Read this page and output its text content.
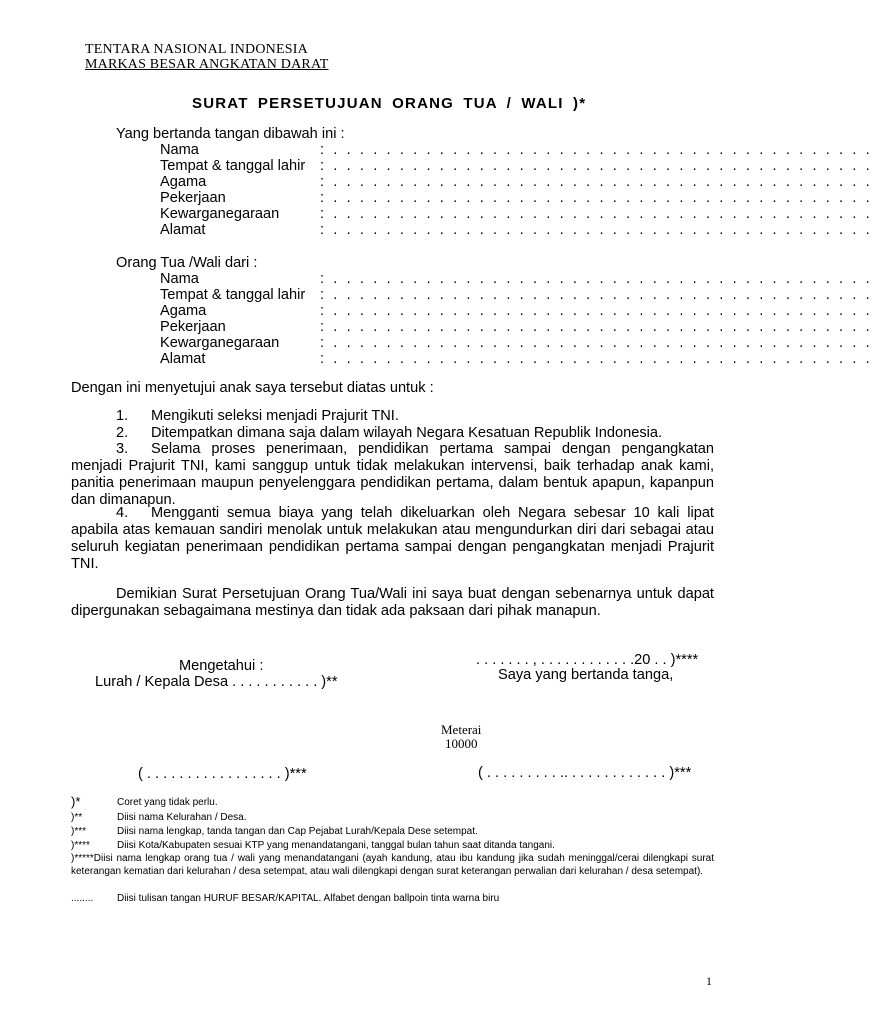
TENTARA NASIONAL INDONESIA
MARKAS BESAR ANGKATAN DARAT
SURAT PERSETUJUAN ORANG TUA / WALI )*
Yang bertanda tangan dibawah ini :
Nama	: . . . . . . . . . . . . . . . . . . . . . . . . . . . . . . . . . . . . . . . . .
Tempat & tanggal lahir : . . . . . . . . . . . . . . . . . . . . . . . . . . . . . . . . . . . . . . . . .
Agama	: . . . . . . . . . . . . . . . . . . . . . . . . . . . . . . . . . . . . . . . . .
Pekerjaan	: . . . . . . . . . . . . . . . . . . . . . . . . . . . . . . . . . . . . . . . . .
Kewarganegaraan	: . . . . . . . . . . . . . . . . . . . . . . . . . . . . . . . . . . . . . . . . .
Alamat	: . . . . . . . . . . . . . . . . . . . . . . . . . . . . . . . . . . . . . . . . .
Orang Tua /Wali dari :
Nama	: . . . . . . . . . . . . . . . . . . . . . . . . . . . . . . . . . . . . . . . . .
Tempat & tanggal lahir : . . . . . . . . . . . . . . . . . . . . . . . . . . . . . . . . . . . . . . . . .
Agama	: . . . . . . . . . . . . . . . . . . . . . . . . . . . . . . . . . . . . . . . . .
Pekerjaan	: . . . . . . . . . . . . . . . . . . . . . . . . . . . . . . . . . . . . . . . . .
Kewarganegaraan	: . . . . . . . . . . . . . . . . . . . . . . . . . . . . . . . . . . . . . . . . .
Alamat	: . . . . . . . . . . . . . . . . . . . . . . . . . . . . . . . . . . . . . . . . .
Dengan ini menyetujui anak saya tersebut diatas untuk :
1. Mengikuti seleksi menjadi Prajurit TNI.
2. Ditempatkan dimana saja dalam wilayah Negara Kesatuan Republik Indonesia.
3. Selama proses penerimaan, pendidikan pertama sampai dengan pengangkatan menjadi Prajurit TNI, kami sanggup untuk tidak melakukan intervensi, baik terhadap anak kami, panitia penerimaan maupun penyelenggara pendidikan pertama, dalam bentuk apapun, kapanpun dan dimanapun.
4. Mengganti semua biaya yang telah dikeluarkan oleh Negara sebesar 10 kali lipat apabila atas kemauan sandiri menolak untuk melakukan atau mengundurkan diri dari sebagai atau seluruh kegiatan penerimaan pendidikan pertama sampai dengan pengangkatan menjadi Prajurit TNI.
Demikian Surat Persetujuan Orang Tua/Wali ini saya buat dengan sebenarnya untuk dapat dipergunakan sebagaimana mestinya dan tidak ada paksaan dari pihak manapun.
Mengetahui :
Lurah / Kepala Desa . . . . . . . . . . . )**
. . . . . . . , . . . . . . . . . . . .20 . . )****
Saya yang bertanda tanga,
Meterai
10000
( . . . . . . . . . . . . . . . . . )***	( . . . . . . . . . .. . . . . . . . . . . . . )***
)*	Coret yang tidak perlu.
)**	Diisi nama Kelurahan / Desa.
)***	Diisi nama lengkap, tanda tangan dan Cap Pejabat Lurah/Kepala Dese setempat.
)****	Diisi Kota/Kabupaten sesuai KTP yang menandatangani, tanggal bulan tahun saat ditanda tangani.
)*****Diisi nama lengkap orang tua / wali yang menandatangani (ayah kandung, atau ibu kandung jika sudah meninggal/cerai dilengkapi surat keterangan kematian dari kelurahan / desa setempat, atau wali dilengkapi dengan surat keterangan perwalian dari kelurahan / desa setempat).
........ Diisi tulisan tangan HURUF BESAR/KAPITAL. Alfabet dengan ballpoin tinta warna biru
1
